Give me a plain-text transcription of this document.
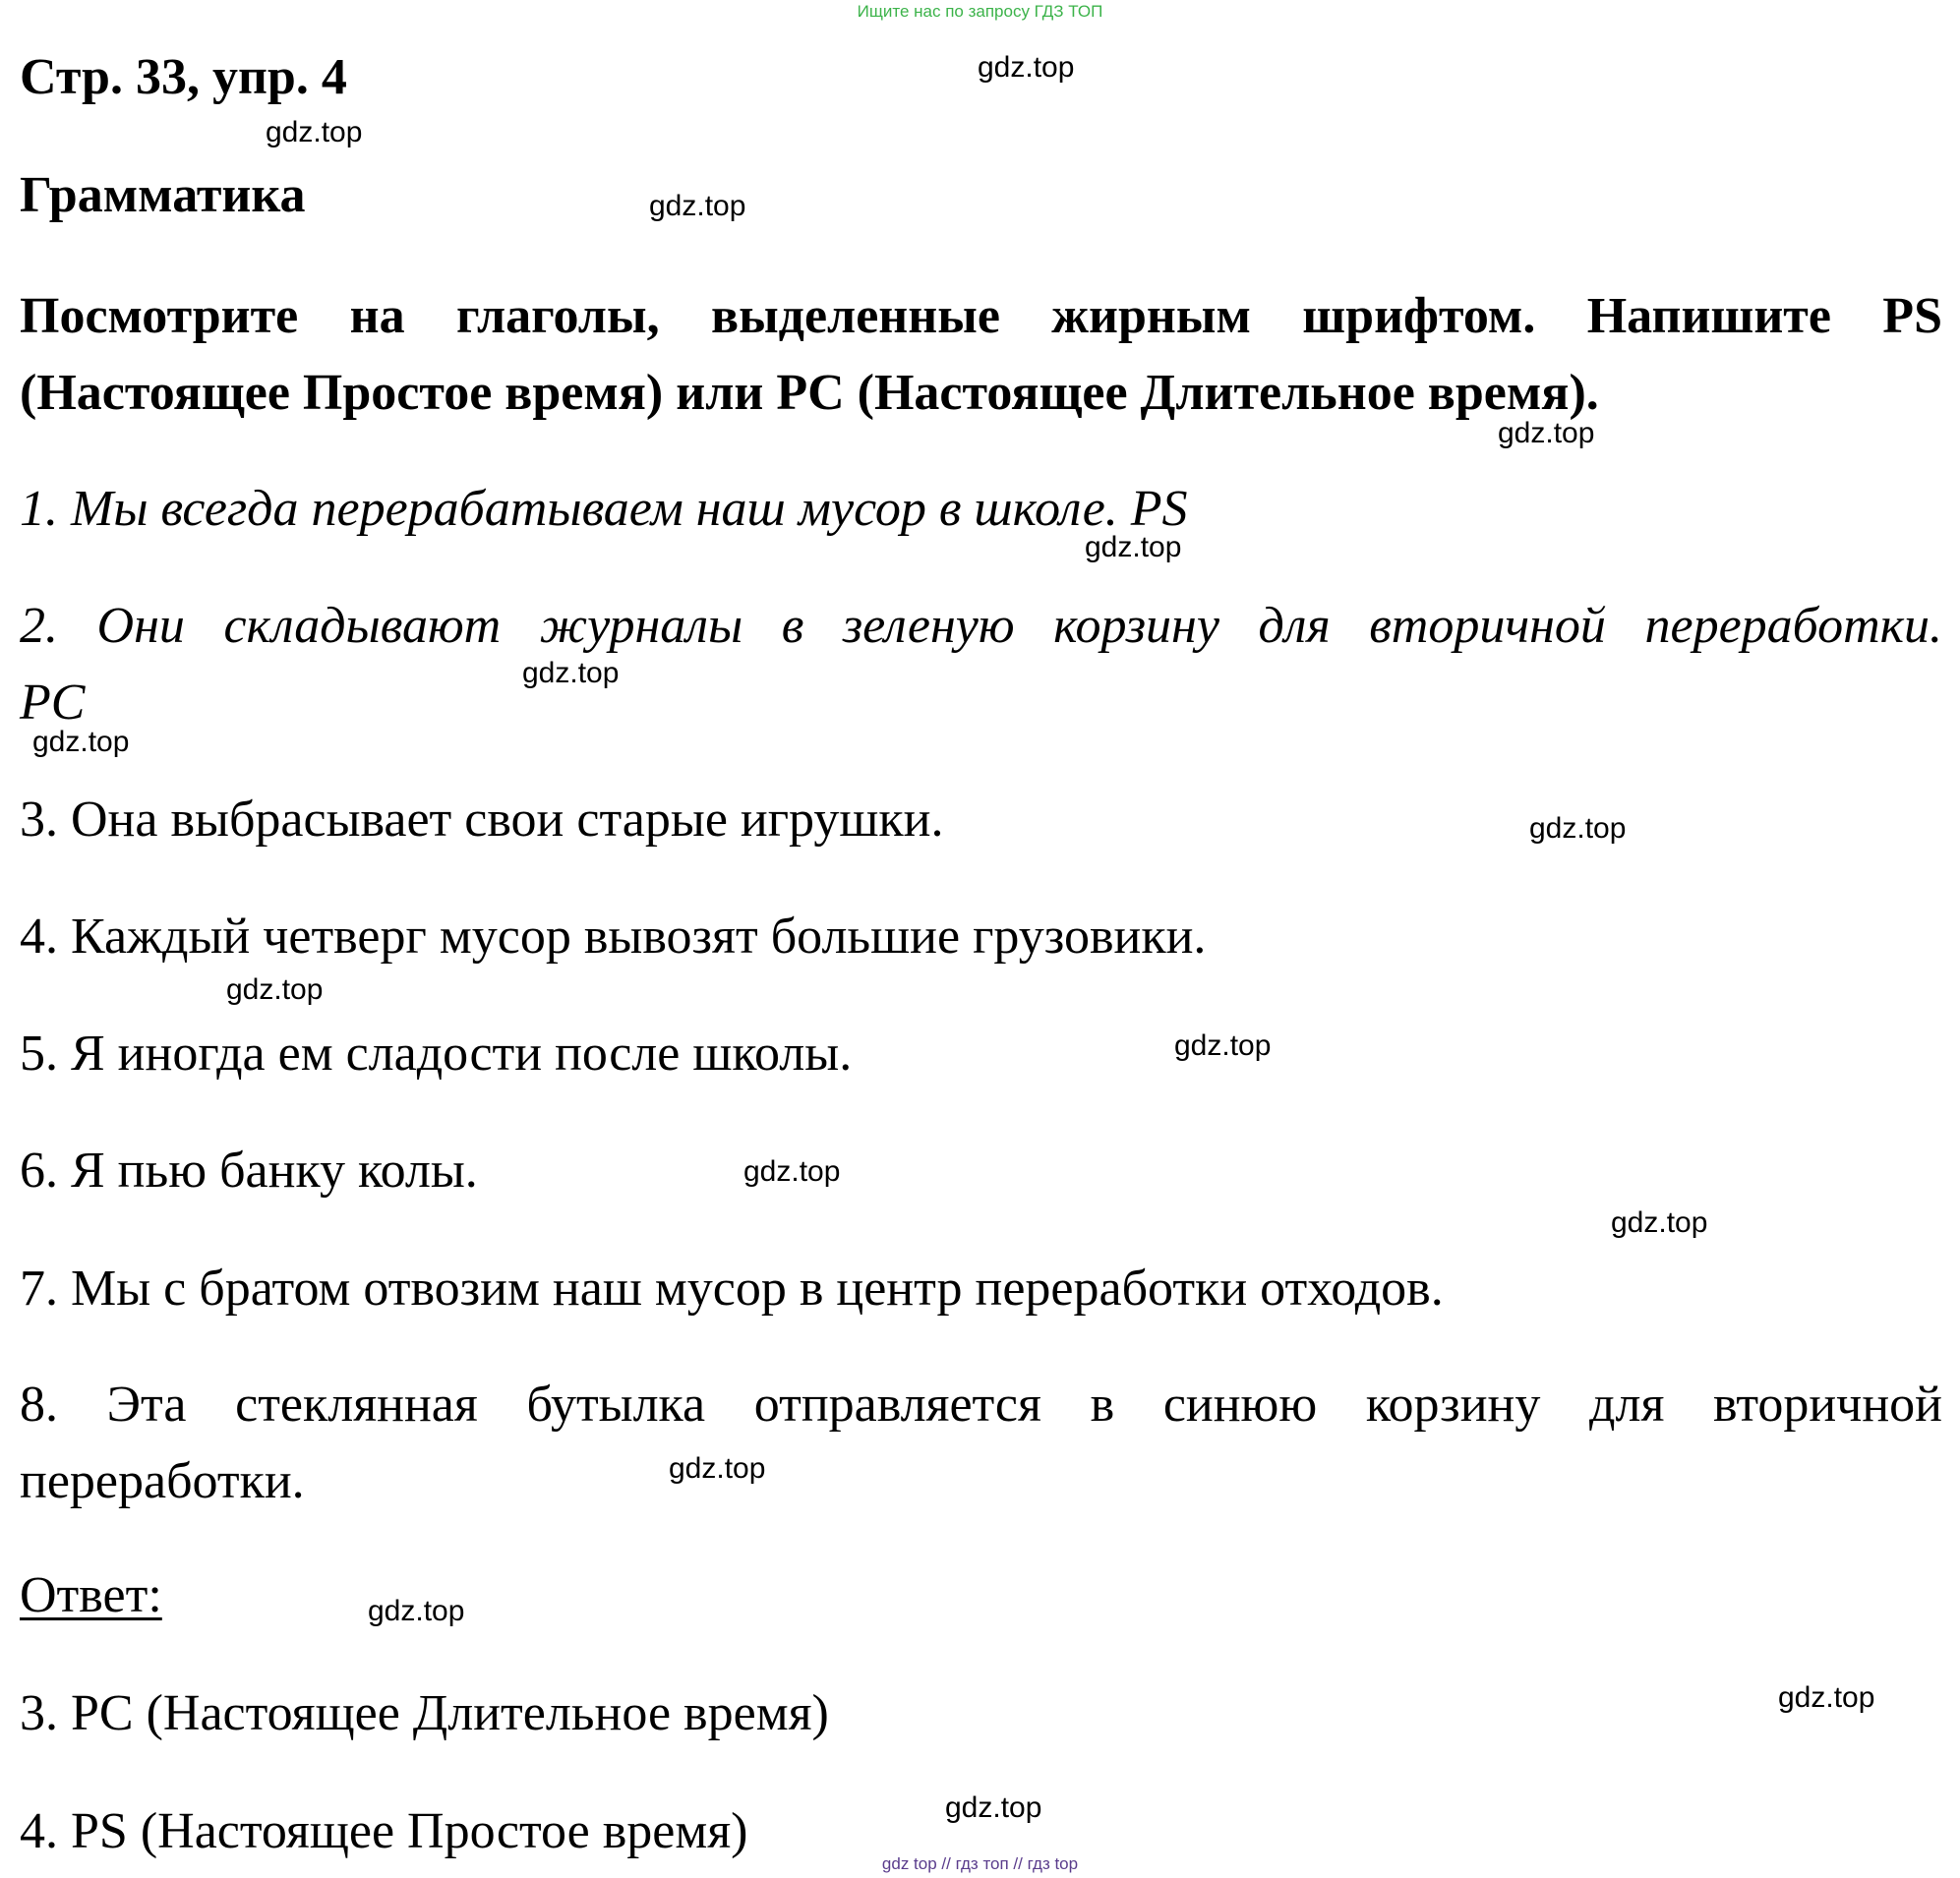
Ищите нас по запросу ГДЗ ТОП
Стр. 33, упр. 4
Грамматика
Посмотрите на глаголы, выделенные жирным шрифтом. Напишите PS
(Настоящее Простое время) или PC (Настоящее Длительное время).
1. Мы всегда перерабатываем наш мусор в школе. PS
2. Они складывают журналы в зеленую корзину для вторичной переработки.
PC
3. Она выбрасывает свои старые игрушки.
4. Каждый четверг мусор вывозят большие грузовики.
5. Я иногда ем сладости после школы.
6. Я пью банку колы.
7. Мы с братом отвозим наш мусор в центр переработки отходов.
8. Эта стеклянная бутылка отправляется в синюю корзину для вторичной
переработки.
Ответ:
3. PC (Настоящее Длительное время)
4. PS (Настоящее Простое время)
gdz.top
gdz.top
gdz.top
gdz.top
gdz.top
gdz.top
gdz.top
gdz.top
gdz.top
gdz.top
gdz.top
gdz.top
gdz.top
gdz.top
gdz.top
gdz.top
gdz top // гдз топ // гдз top
